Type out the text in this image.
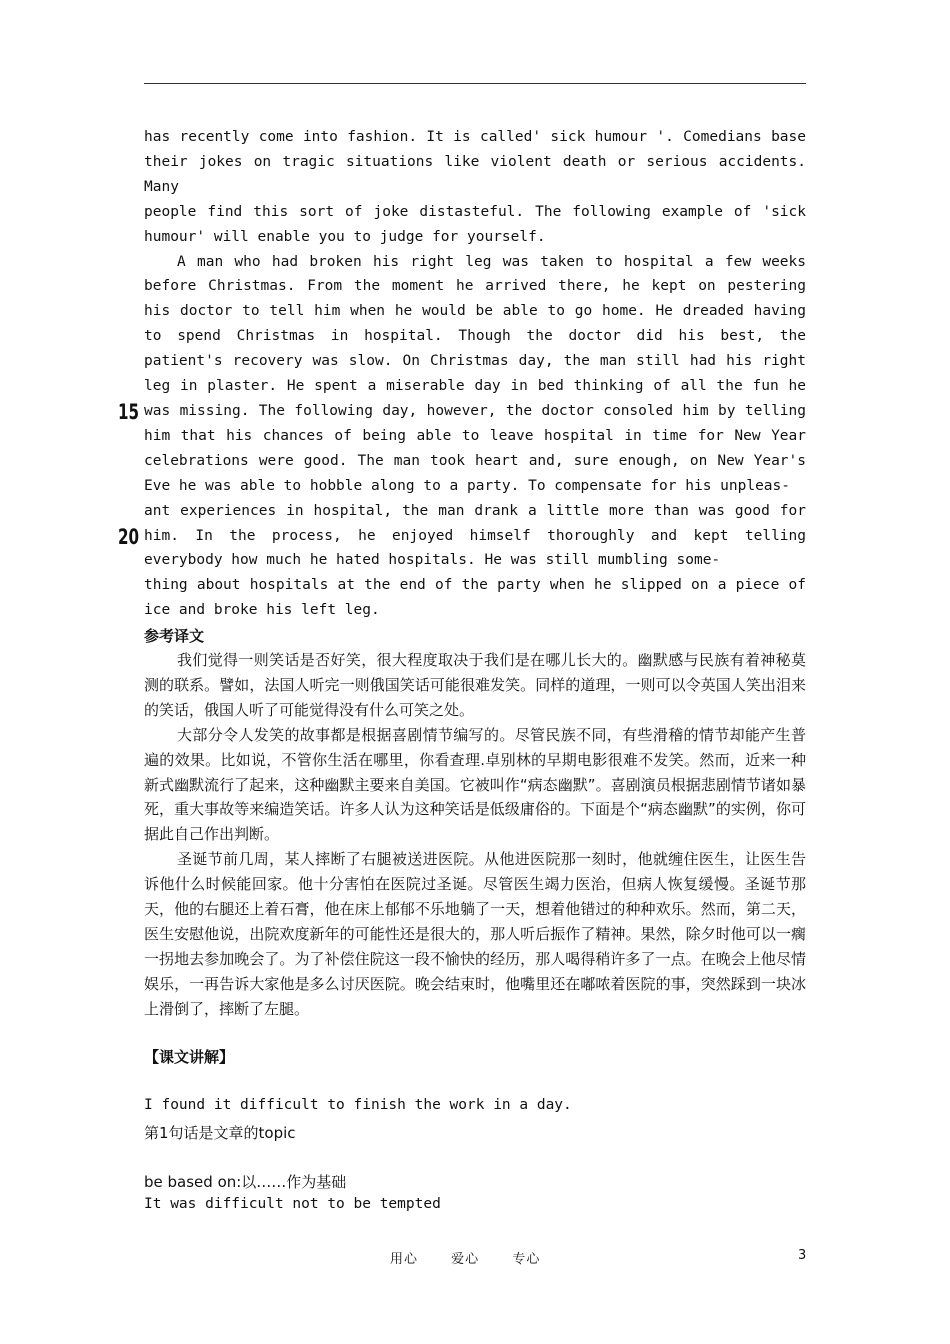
has recently come into fashion. It is called' sick humour '. Comedians base

their jokes on tragic situations like violent death or serious accidents. Many

people find this sort of joke distasteful. The following example of 'sick

humour' will enable you to judge for yourself.

A man who had broken his right leg was taken to hospital a few weeks before Christmas. From the moment he arrived there, he kept on pestering his doctor to tell him when he would be able to go home. He dreaded having to spend Christmas in hospital. Though the doctor did his best, the patient's recovery was slow. On Christmas day, the man still had his right leg in plaster. He spent a miserable day in bed thinking of all the fun he was missing. The following day, however, the doctor consoled him by telling him that his chances of being able to leave hospital in time for New Year celebrations were good. The man took heart and, sure enough, on New Year's Eve he was able to hobble along to a party. To compensate for his unpleas-

ant experiences in hospital, the man drank a little more than was good for him. In the process, he enjoyed himself thoroughly and kept telling everybody how much he hated hospitals. He was still mumbling some-

thing about hospitals at the end of the party when he slipped on a piece of ice and broke his left leg.

15
20
参考译文

我们觉得一则笑话是否好笑，很大程度取决于我们是在哪儿长大的。幽默感与民族有着神秘莫测的联系。譬如，法国人听完一则俄国笑话可能很难发笑。同样的道理，一则可以令英国人笑出泪来的笑话，俄国人听了可能觉得没有什么可笑之处。

大部分令人发笑的故事都是根据喜剧情节编写的。尽管民族不同，有些滑稽的情节却能产生普遍的效果。比如说，不管你生活在哪里，你看查理.卓别林的早期电影很难不发笑。然而，近来一种新式幽默流行了起来，这种幽默主要来自美国。它被叫作“病态幽默”。喜剧演员根据悲剧情节诸如暴死，重大事故等来编造笑话。许多人认为这种笑话是低级庸俗的。下面是个“病态幽默”的实例，你可据此自己作出判断。

圣诞节前几周，某人摔断了右腿被送进医院。从他进医院那一刻时，他就缠住医生，让医生告诉他什么时候能回家。他十分害怕在医院过圣诞。尽管医生竭力医治，但病人恢复缓慢。圣诞节那天，他的右腿还上着石膏，他在床上郁郁不乐地躺了一天，想着他错过的种种欢乐。然而，第二天，医生安慰他说，出院欢度新年的可能性还是很大的，那人听后振作了精神。果然，除夕时他可以一瘸一拐地去参加晚会了。为了补偿住院这一段不愉快的经历，那人喝得稍许多了一点。在晚会上他尽情娱乐，一再告诉大家他是多么讨厌医院。晚会结束时，他嘴里还在嘟哝着医院的事，突然踩到一块冰上滑倒了，摔断了左腿。

【课文讲解】
I found it difficult to finish the work in a day.
第1句话是文章的topic
be based on:以……作为基础
It was difficult not to be tempted
用心	爱心	专心	3
